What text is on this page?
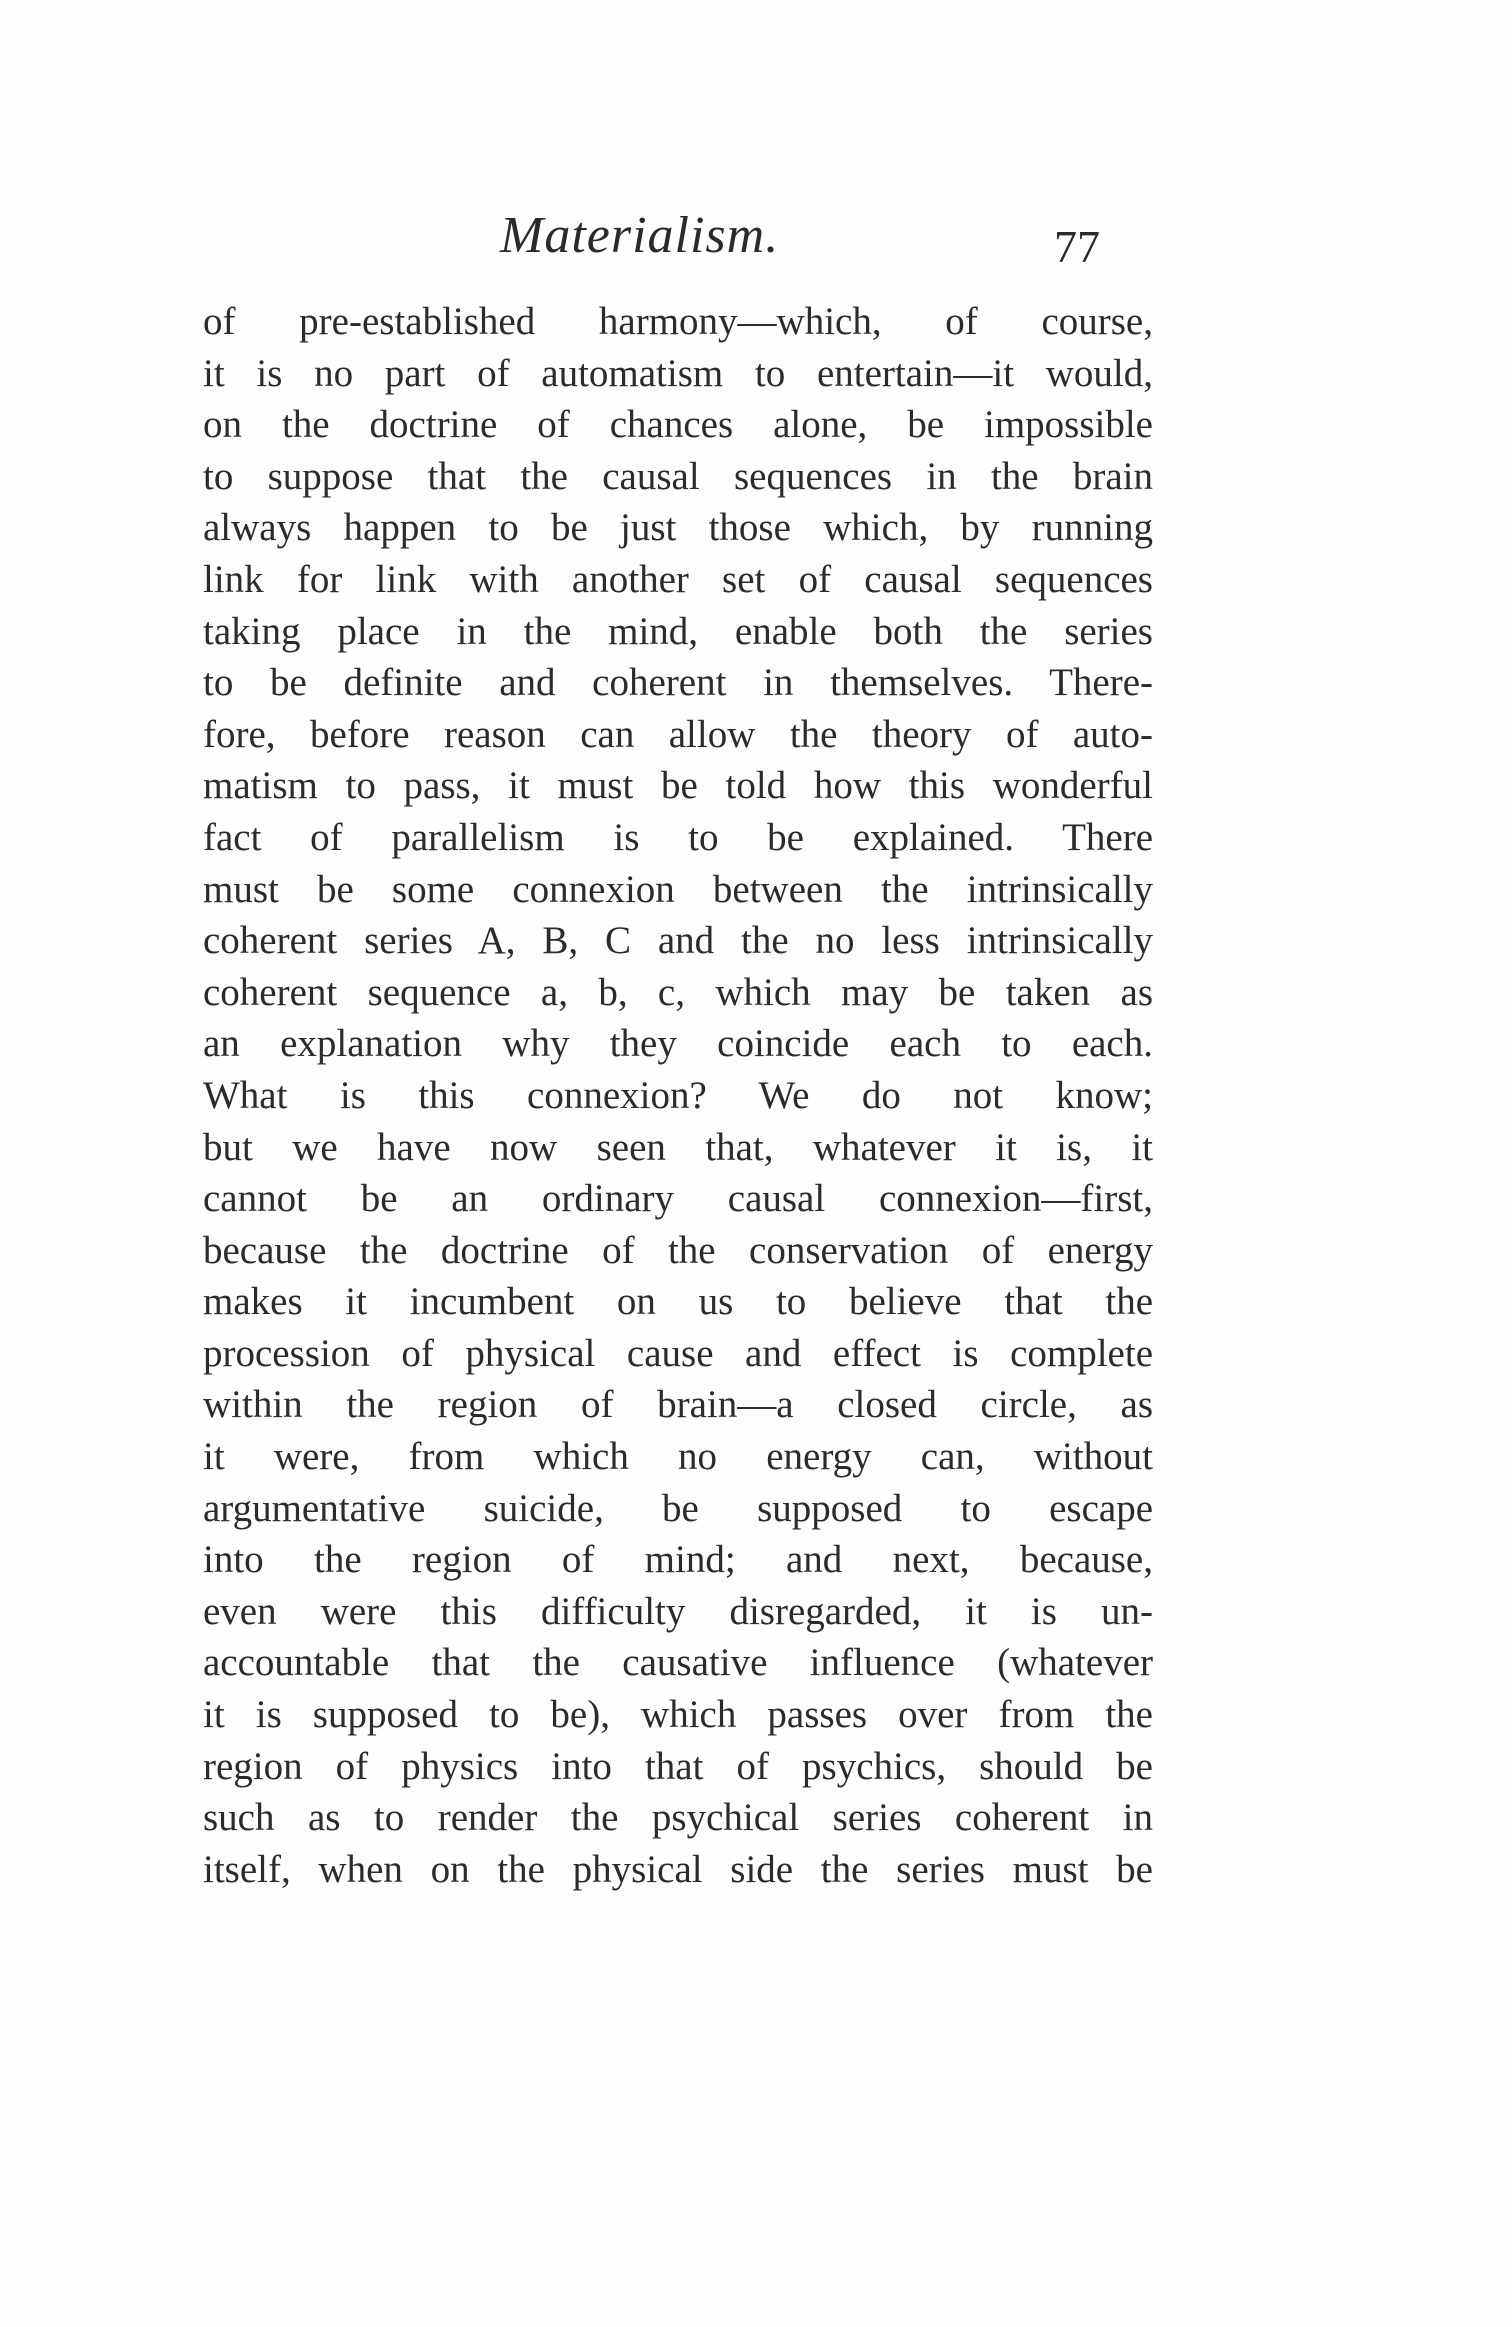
Materialism.	77
of pre-established harmony—which, of course,
it is no part of automatism to entertain—it would,
on the doctrine of chances alone, be impossible
to suppose that the causal sequences in the brain
always happen to be just those which, by running
link for link with another set of causal sequences
taking place in the mind, enable both the series
to be definite and coherent in themselves. There-
fore, before reason can allow the theory of auto-
matism to pass, it must be told how this wonderful
fact of parallelism is to be explained. There
must be some connexion between the intrinsically
coherent series A, B, C and the no less intrinsically
coherent sequence a, b, c, which may be taken as
an explanation why they coincide each to each.
What is this connexion? We do not know;
but we have now seen that, whatever it is, it
cannot be an ordinary causal connexion—first,
because the doctrine of the conservation of energy
makes it incumbent on us to believe that the
procession of physical cause and effect is complete
within the region of brain—a closed circle, as
it were, from which no energy can, without
argumentative suicide, be supposed to escape
into the region of mind; and next, because,
even were this difficulty disregarded, it is un-
accountable that the causative influence (whatever
it is supposed to be), which passes over from the
region of physics into that of psychics, should be
such as to render the psychical series coherent in
itself, when on the physical side the series must be
